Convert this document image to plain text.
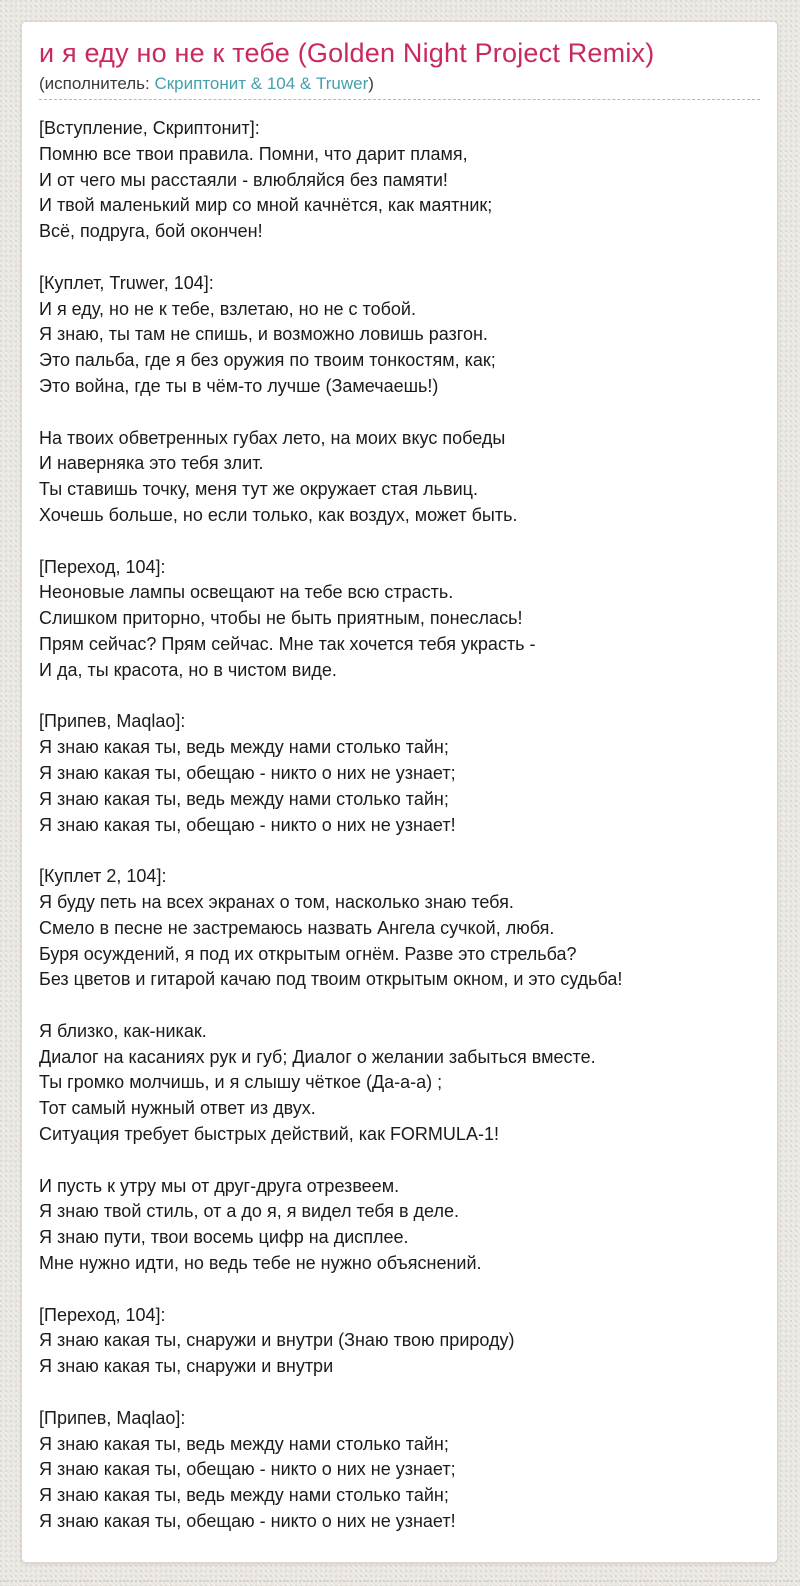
и я еду но не к тебе (Golden Night Project Remix)
(исполнитель: Скриптонит & 104 & Truwer)
[Вступление, Скриптонит]:
Помню все твои правила. Помни, что дарит пламя,
И от чего мы расстаяли - влюбляйся без памяти!
И твой маленький мир со мной качнётся, как маятник;
Всё, подруга, бой окончен!
[Куплет, Truwer, 104]:
И я еду, но не к тебе, взлетаю, но не с тобой.
Я знаю, ты там не спишь, и возможно ловишь разгон.
Это пальба, где я без оружия по твоим тонкостям, как;
Это война, где ты в чём-то лучше (Замечаешь!)
На твоих обветренных губах лето, на моих вкус победы
И наверняка это тебя злит.
Ты ставишь точку, меня тут же окружает стая львиц.
Хочешь больше, но если только, как воздух, может быть.
[Переход, 104]:
Неоновые лампы освещают на тебе всю страсть.
Слишком приторно, чтобы не быть приятным, понеслась!
Прям сейчас? Прям сейчас. Мне так хочется тебя украсть -
И да, ты красота, но в чистом виде.
[Припев, Maqlao]:
Я знаю какая ты, ведь между нами столько тайн;
Я знаю какая ты, обещаю - никто о них не узнает;
Я знаю какая ты, ведь между нами столько тайн;
Я знаю какая ты, обещаю - никто о них не узнает!
[Куплет 2, 104]:
Я буду петь на всех экранах о том, насколько знаю тебя.
Смело в песне не застремаюсь назвать Ангела сучкой, любя.
Буря осуждений, я под их открытым огнём. Разве это стрельба?
Без цветов и гитарой качаю под твоим открытым окном, и это судьба!
Я близко, как-никак.
Диалог на касаниях рук и губ; Диалог о желании забыться вместе.
Ты громко молчишь, и я слышу чёткое (Да-а-а) ;
Тот самый нужный ответ из двух.
Ситуация требует быстрых действий, как FORMULA-1!
И пусть к утру мы от друг-друга отрезвеем.
Я знаю твой стиль, от а до я, я видел тебя в деле.
Я знаю пути, твои восемь цифр на дисплее.
Мне нужно идти, но ведь тебе не нужно объяснений.
[Переход, 104]:
Я знаю какая ты, снаружи и внутри (Знаю твою природу)
Я знаю какая ты, снаружи и внутри
[Припев, Maqlao]:
Я знаю какая ты, ведь между нами столько тайн;
Я знаю какая ты, обещаю - никто о них не узнает;
Я знаю какая ты, ведь между нами столько тайн;
Я знаю какая ты, обещаю - никто о них не узнает!
